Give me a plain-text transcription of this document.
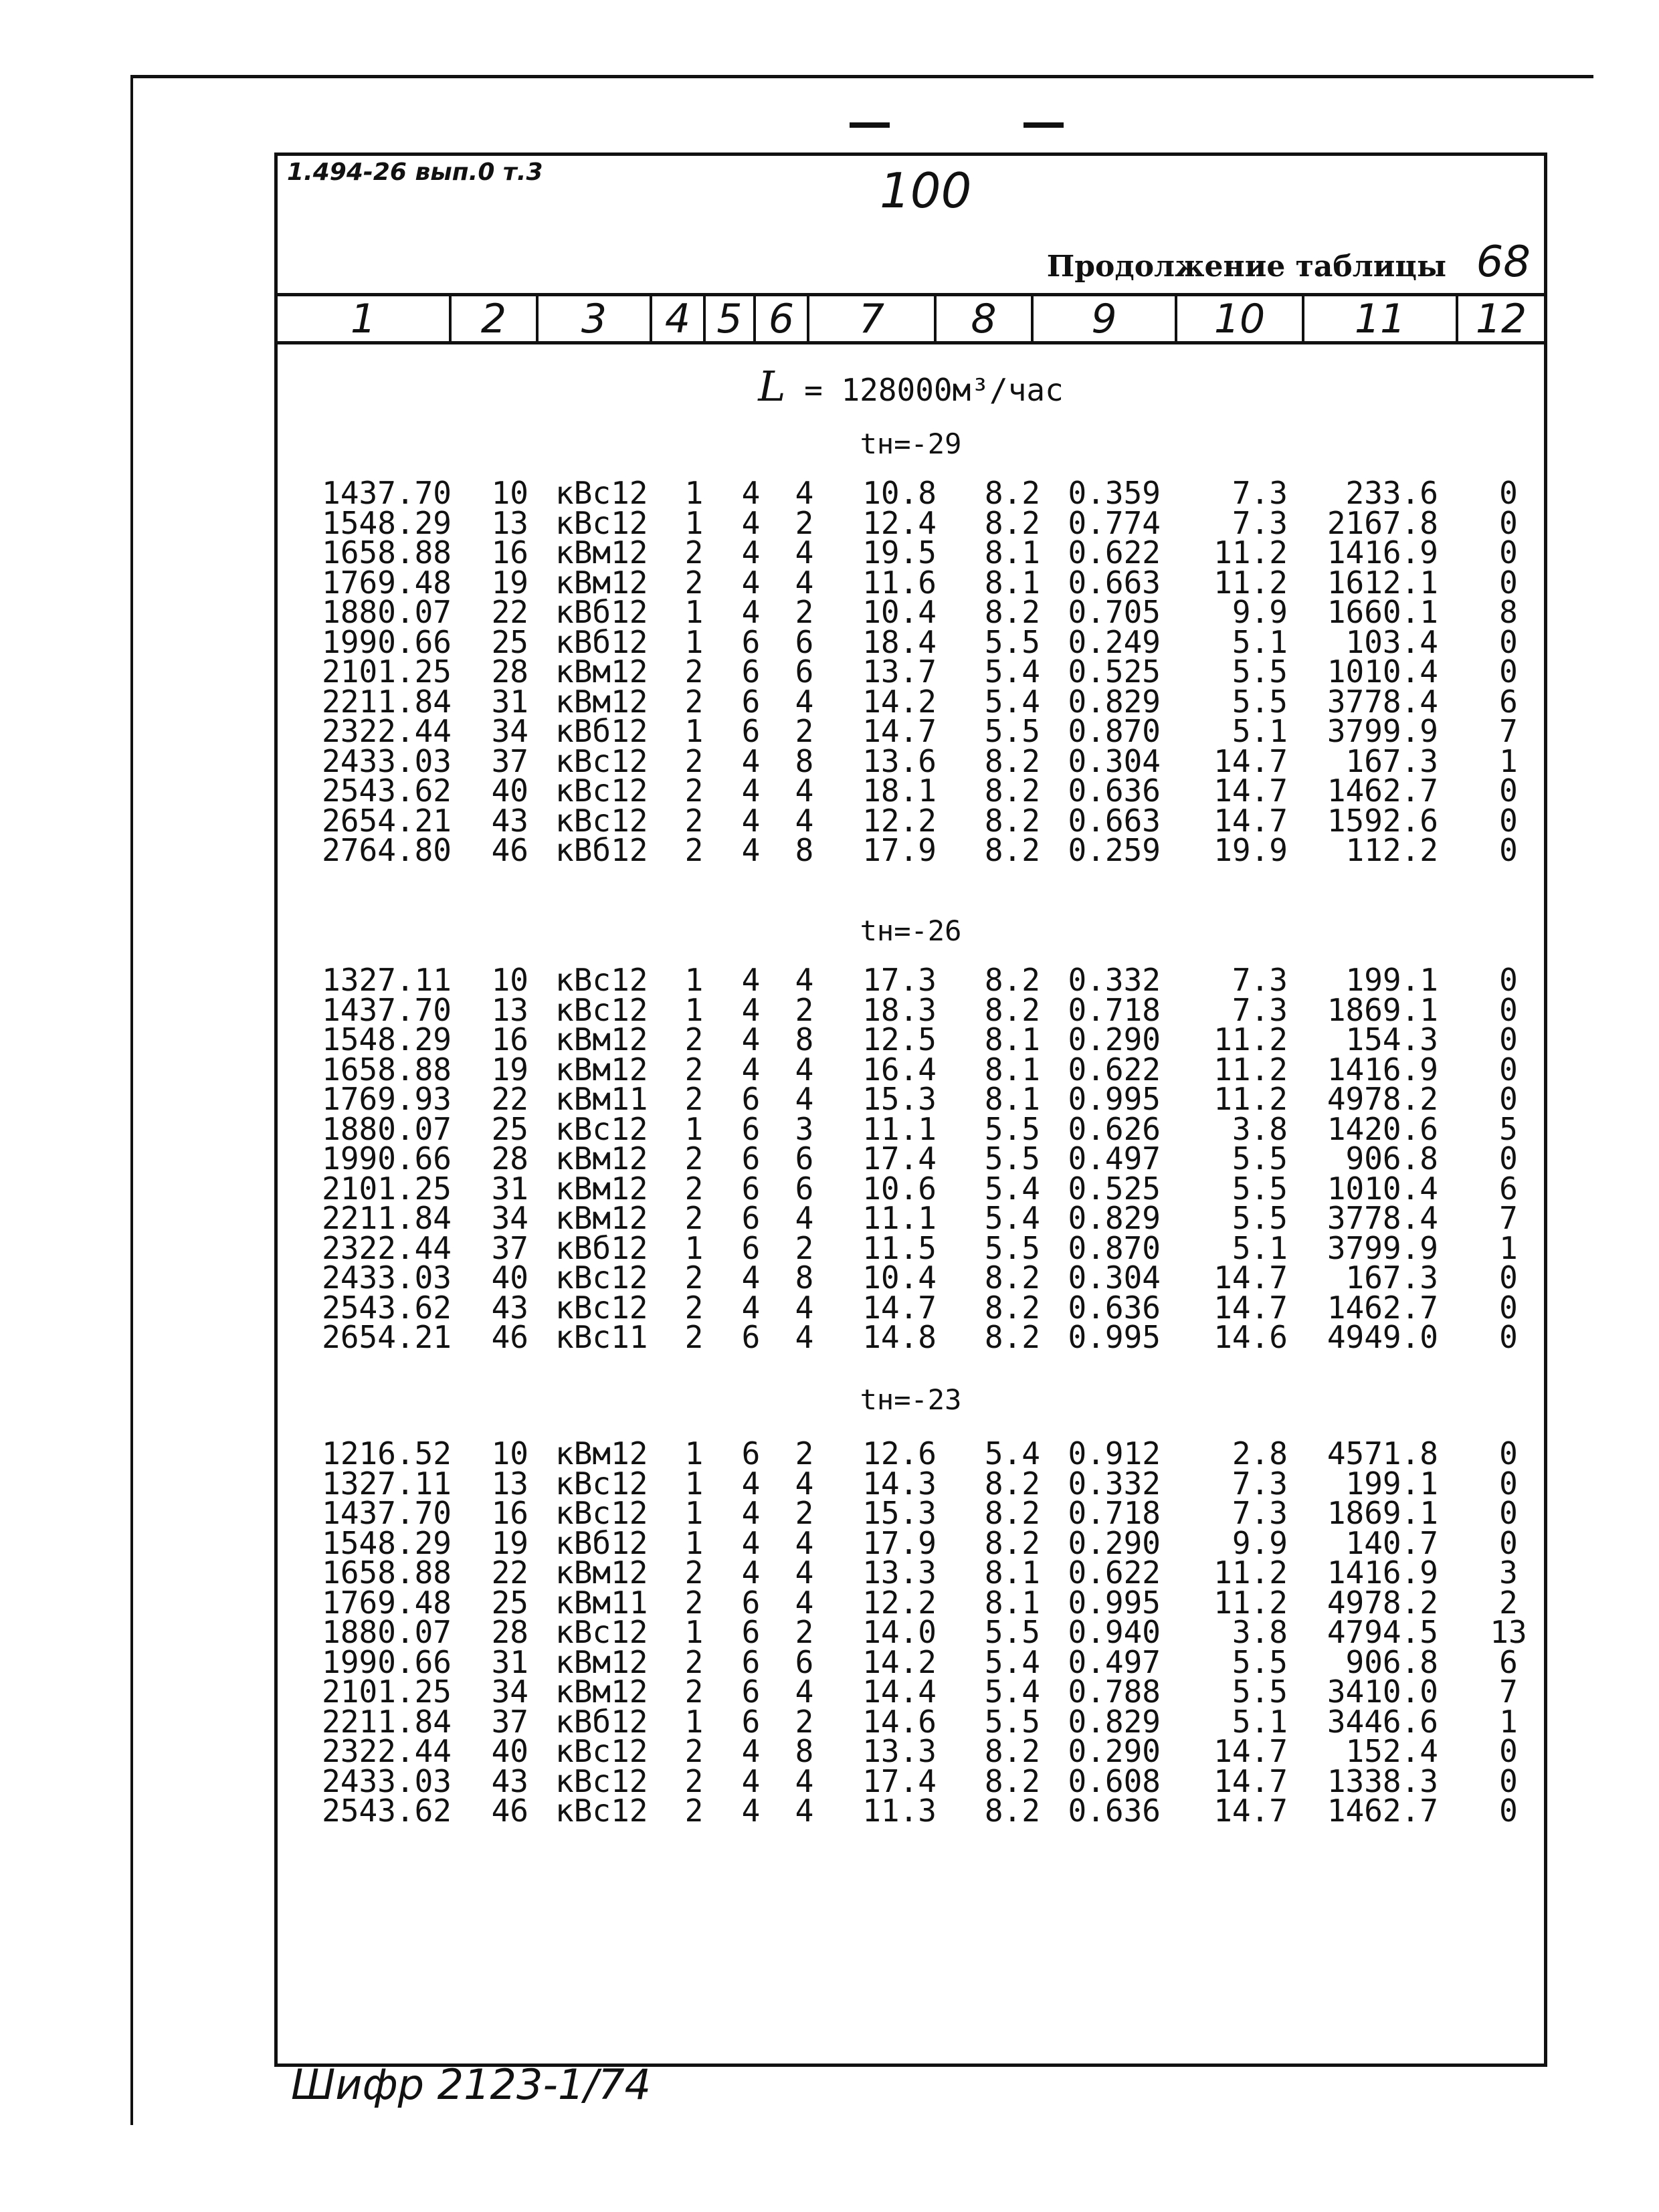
1.494-26 вып.0 т.3	100
Продолжение таблицы 68
1	2	3	4 5 6	7	8	9	10	11	12
L = 128000м³/час
tн=-29
1437.70	10 кВс12	1 4 4	10.8 8.2 0.359	7.3	233.6	0
1548.29	13 кВс12	1 4 2	12.4 8.2 0.774	7.3	2167.8	0
1658.88	16 кВм12	2 4 4	19.5 8.1 0.622 11.2	1416.9	0
1769.48	19 кВм12	2 4 4	11.6 8.1 0.663 11.2	1612.1	0
1880.07	22 кВб12	1 4 2	10.4 8.2 0.705	9.9	1660.1	8
1990.66	25 кВб12	1 6 6	18.4 5.5 0.249	5.1	103.4	0
2101.25	28 кВм12	2 6 6	13.7 5.4 0.525	5.5	1010.4	0
2211.84	31 кВм12	2 6 4	14.2 5.4 0.829	5.5	3778.4	6
2322.44	34 кВб12	1 6 2	14.7 5.5 0.870	5.1	3799.9	7
2433.03	37 кВс12	2 4 8	13.6 8.2 0.304 14.7	167.3	1
2543.62	40 кВс12	2 4 4	18.1 8.2 0.636 14.7	1462.7	0
2654.21	43 кВс12	2 4 4	12.2 8.2 0.663 14.7	1592.6	0
2764.80	46 кВб12	2 4 8	17.9 8.2 0.259 19.9	112.2	0
tн=-26
1327.11	10 кВс12	1 4 4	17.3 8.2 0.332	7.3	199.1	0
1437.70	13 кВс12	1 4 2	18.3 8.2 0.718	7.3	1869.1	0
1548.29	16 кВм12	2 4 8	12.5 8.1 0.290 11.2	154.3	0
1658.88	19 кВм12	2 4 4	16.4 8.1 0.622 11.2	1416.9	0
1769.93	22 кВм11	2 6 4	15.3 8.1 0.995 11.2	4978.2	0
1880.07	25 кВс12	1 6 3	11.1 5.5 0.626	3.8	1420.6	5
1990.66	28 кВм12	2 6 6	17.4 5.5 0.497	5.5	906.8	0
2101.25	31 кВм12	2 6 6	10.6 5.4 0.525	5.5	1010.4	6
2211.84	34 кВм12	2 6 4	11.1 5.4 0.829	5.5	3778.4	7
2322.44	37 кВб12	1 6 2	11.5 5.5 0.870	5.1	3799.9	1
2433.03	40 кВс12	2 4 8	10.4 8.2 0.304 14.7	167.3	0
2543.62	43 кВс12	2 4 4	14.7 8.2 0.636 14.7	1462.7	0
2654.21	46 кВс11	2 6 4	14.8 8.2 0.995 14.6	4949.0	0
tн=-23
1216.52	10 кВм12	1 6 2	12.6 5.4 0.912	2.8	4571.8	0
1327.11	13 кВс12	1 4 4	14.3 8.2 0.332	7.3	199.1	0
1437.70	16 кВс12	1 4 2	15.3 8.2 0.718	7.3	1869.1	0
1548.29	19 кВб12	1 4 4	17.9 8.2 0.290	9.9	140.7	0
1658.88	22 кВм12	2 4 4	13.3 8.1 0.622 11.2	1416.9	3
1769.48	25 кВм11	2 6 4	12.2 8.1 0.995 11.2	4978.2	2
1880.07	28 кВс12	1 6 2	14.0 5.5 0.940	3.8	4794.5 13
1990.66	31 кВм12	2 6 6	14.2 5.4 0.497	5.5	906.8	6
2101.25	34 кВм12	2 6 4	14.4 5.4 0.788	5.5	3410.0	7
2211.84	37 кВб12	1 6 2	14.6 5.5 0.829	5.1	3446.6	1
2322.44	40 кВс12	2 4 8	13.3 8.2 0.290 14.7	152.4	0
2433.03	43 кВс12	2 4 4	17.4 8.2 0.608 14.7	1338.3	0
2543.62	46 кВс12	2 4 4	11.3 8.2 0.636 14.7	1462.7	0
Шифр 2123-1/74
